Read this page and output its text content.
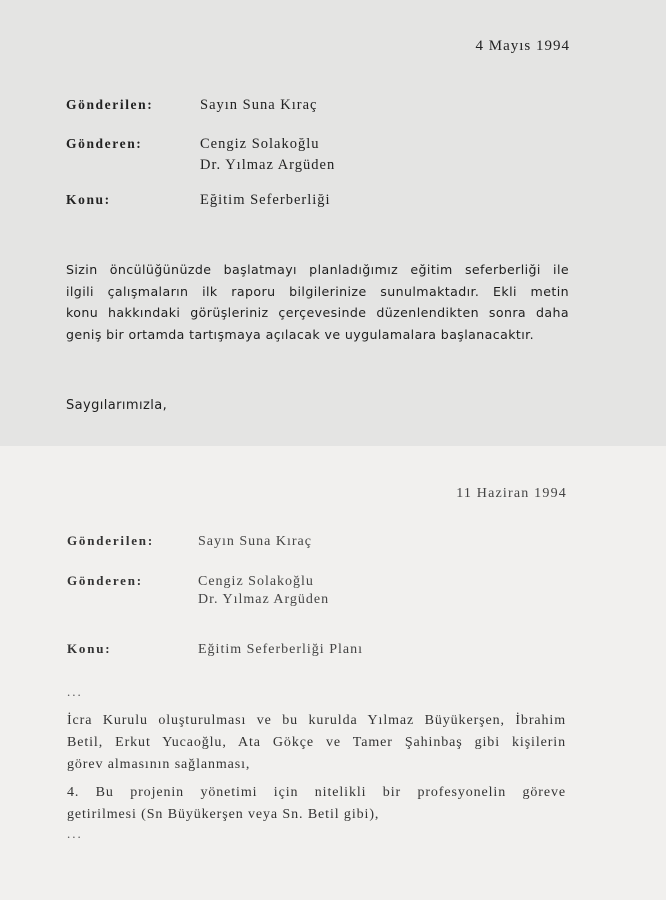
4 Mayıs 1994
Gönderilen:	Sayın Suna Kıraç
Gönderen:	Cengiz Solakoğlu
Dr. Yılmaz Argüden
Konu:	Eğitim Seferberliği
Sizin öncülüğünüzde başlatmayı planladığımız eğitim seferberliği ile
ilgili çalışmaların ilk raporu bilgilerinize sunulmaktadır. Ekli metin
konu hakkındaki görüşleriniz çerçevesinde düzenlendikten sonra daha
geniş bir ortamda tartışmaya açılacak ve uygulamalara başlanacaktır.
Saygılarımızla,
11 Haziran 1994
Gönderilen:	Sayın Suna Kıraç
Gönderen:	Cengiz Solakoğlu
Dr. Yılmaz Argüden
Konu:	Eğitim Seferberliği Planı
...
İcra Kurulu oluşturulması ve bu kurulda Yılmaz Büyükerşen, İbrahim
Betil, Erkut Yucaoğlu, Ata Gökçe ve Tamer Şahinbaş gibi kişilerin
görev almasının sağlanması,
4. Bu projenin yönetimi için nitelikli bir profesyonelin göreve
getirilmesi (Sn Büyükerşen veya Sn. Betil gibi),
...
